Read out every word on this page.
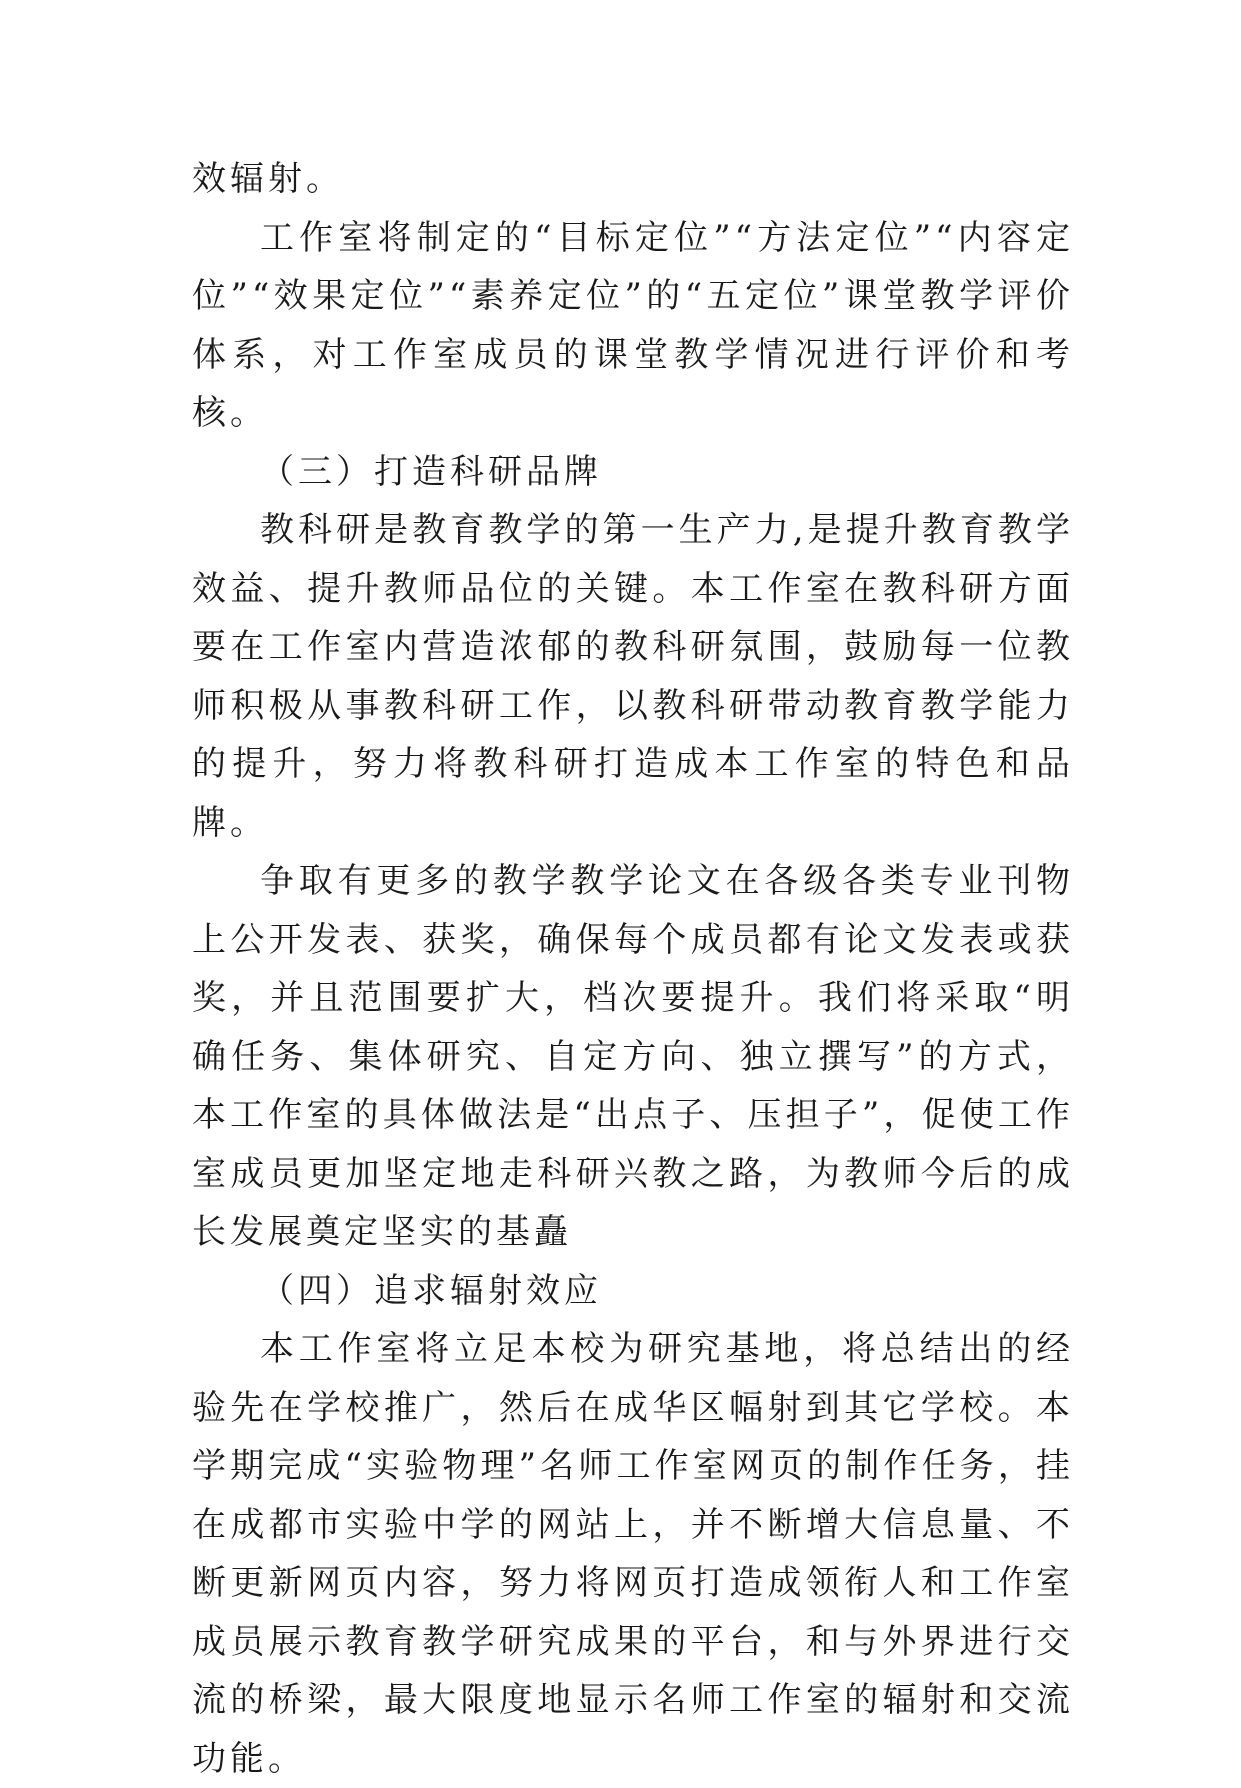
效辐射。

工作室将制定的“目标定位”“方法定位”“内容定位”“效果定位”“素养定位”的“五定位”课堂教学评价体系，对工作室成员的课堂教学情况进行评价和考核。

（三）打造科研品牌

教科研是教育教学的第一生产力,是提升教育教学效益、提升教师品位的关键。本工作室在教科研方面要在工作室内营造浓郁的教科研氛围，鼓励每一位教师积极从事教科研工作，以教科研带动教育教学能力的提升，努力将教科研打造成本工作室的特色和品牌。

争取有更多的教学教学论文在各级各类专业刊物上公开发表、获奖，确保每个成员都有论文发表或获奖，并且范围要扩大，档次要提升。我们将采取“明确任务、集体研究、自定方向、独立撰写”的方式，本工作室的具体做法是“出点子、压担子”，促使工作室成员更加坚定地走科研兴教之路，为教师今后的成长发展奠定坚实的基矗

（四）追求辐射效应

本工作室将立足本校为研究基地，将总结出的经验先在学校推广，然后在成华区幅射到其它学校。本学期完成“实验物理”名师工作室网页的制作任务，挂在成都市实验中学的网站上，并不断增大信息量、不断更新网页内容，努力将网页打造成领衔人和工作室成员展示教育教学研究成果的平台，和与外界进行交流的桥梁，最大限度地显示名师工作室的辐射和交流功能。
